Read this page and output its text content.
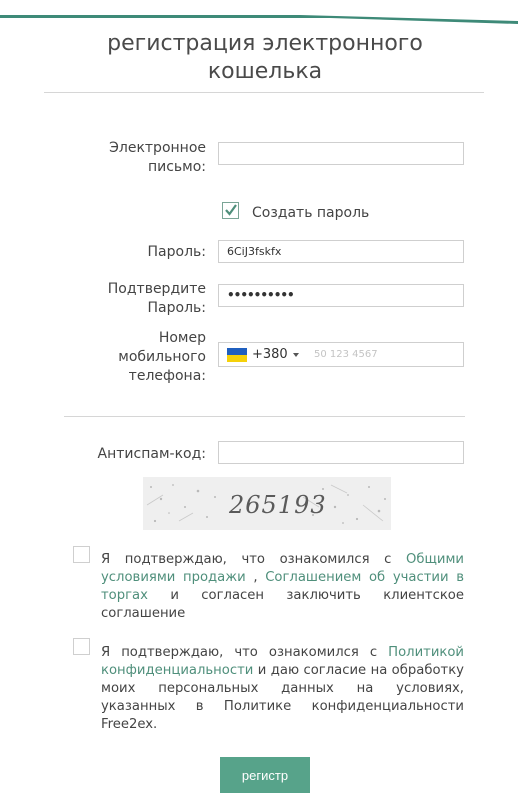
регистрация электронного
кошелька
Электронное
письмо:
Создать пароль
Пароль:	6CiJ3fskfx
Подтвердите
Пароль:
••••••••••
Номер
мобильного
телефона:
+380	50 123 4567
Антиспам-код:
265193
Я подтверждаю, что ознакомился с Общими условиями продажи , Соглашением об участии в торгах и согласен заключить клиентское соглашение
Я подтверждаю, что ознакомился с Политикой конфиденциальности и даю согласие на обработку моих персональных данных на условиях, указанных в Политике конфиденциальности Free2ex.
регистр
